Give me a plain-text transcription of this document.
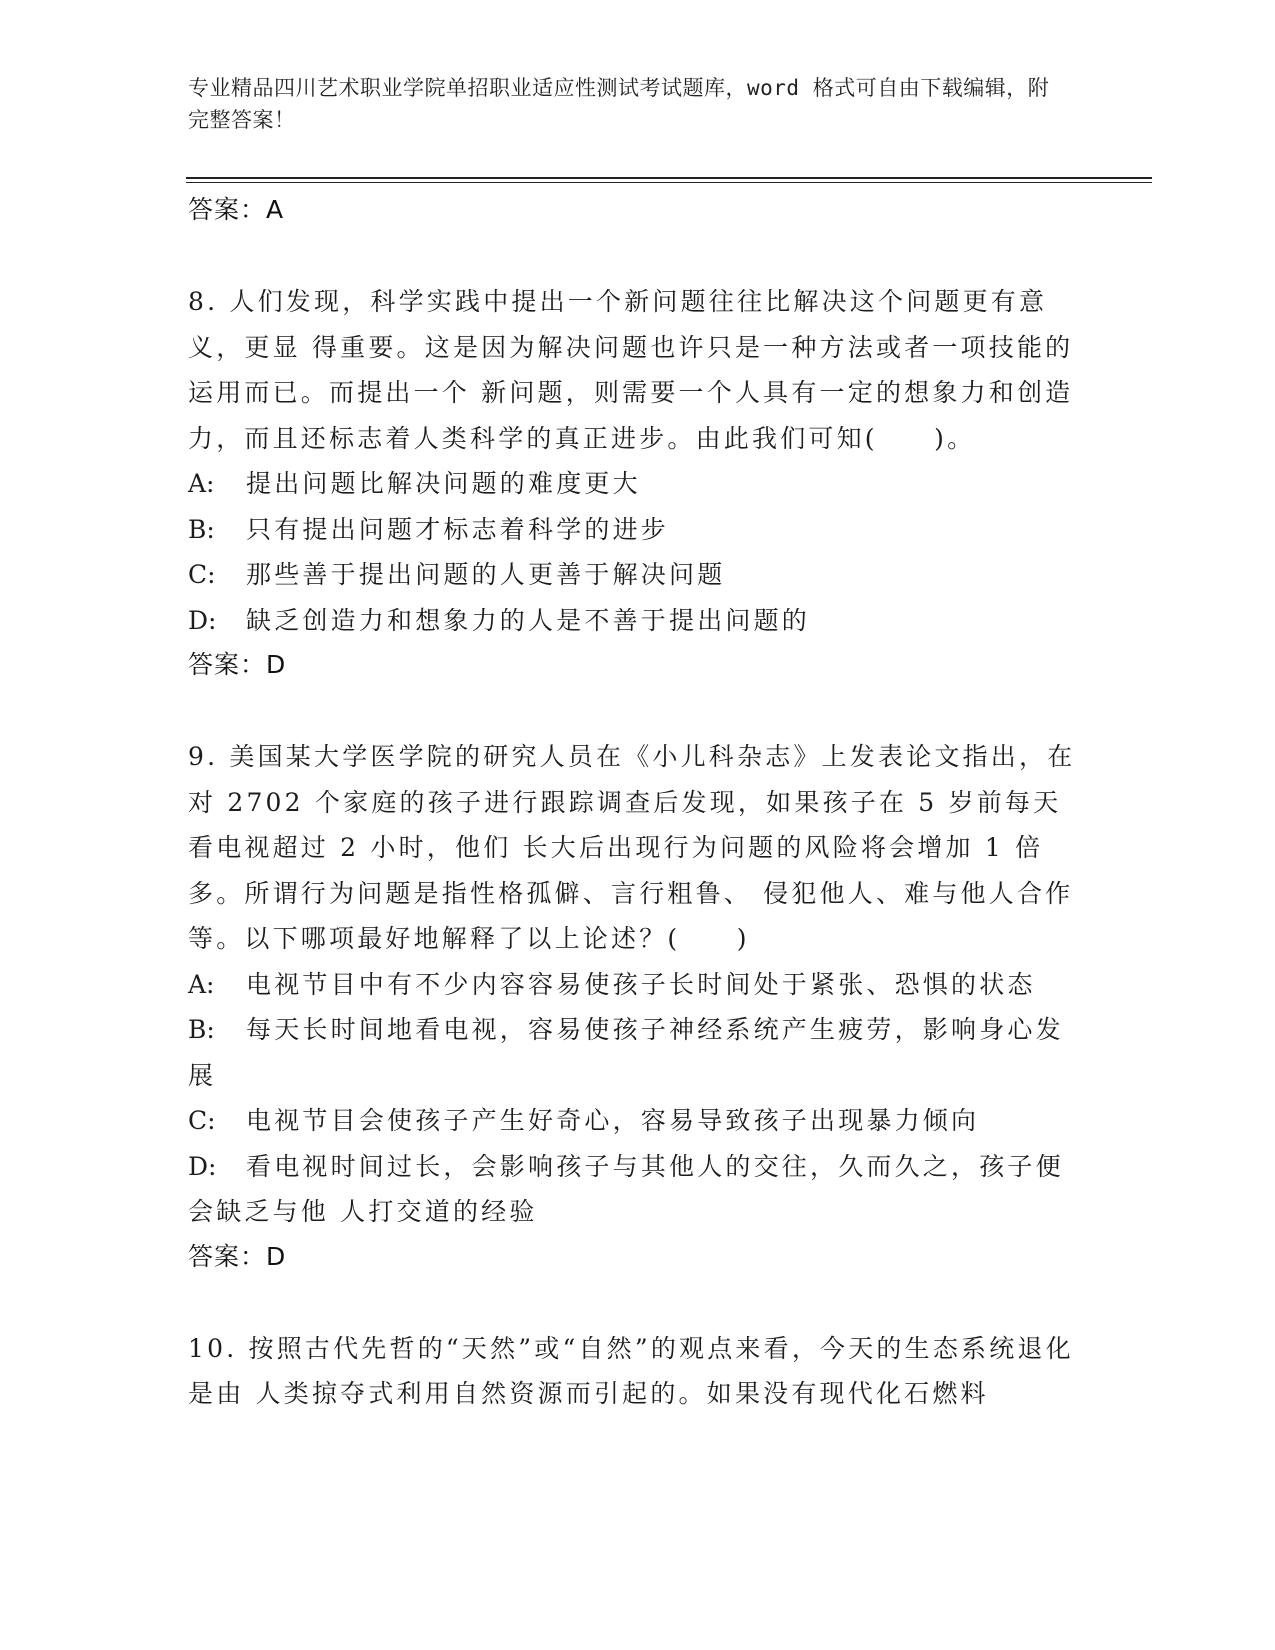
专业精品四川艺术职业学院单招职业适应性测试考试题库，word 格式可自由下载编辑，附完整答案！
答案：A

8. 人们发现，科学实践中提出一个新问题往往比解决这个问题更有意义，更显 得重要。这是因为解决问题也许只是一种方法或者一项技能的运用而已。而提出一个 新问题，则需要一个人具有一定的想象力和创造力，而且还标志着人类科学的真正进步。由此我们可知(　　)。

A: 提出问题比解决问题的难度更大

B: 只有提出问题才标志着科学的进步

C: 那些善于提出问题的人更善于解决问题

D: 缺乏创造力和想象力的人是不善于提出问题的

答案：D

9. 美国某大学医学院的研究人员在《小儿科杂志》上发表论文指出，在对 2702 个家庭的孩子进行跟踪调查后发现，如果孩子在 5 岁前每天看电视超过 2 小时，他们 长大后出现行为问题的风险将会增加 1 倍多。所谓行为问题是指性格孤僻、言行粗鲁、 侵犯他人、难与他人合作等。以下哪项最好地解释了以上论述？(　　)

A: 电视节目中有不少内容容易使孩子长时间处于紧张、恐惧的状态

B: 每天长时间地看电视，容易使孩子神经系统产生疲劳，影响身心发展

C: 电视节目会使孩子产生好奇心，容易导致孩子出现暴力倾向

D: 看电视时间过长，会影响孩子与其他人的交往，久而久之，孩子便会缺乏与他 人打交道的经验

答案：D

10. 按照古代先哲的“天然”或“自然”的观点来看，今天的生态系统退化是由 人类掠夺式利用自然资源而引起的。如果没有现代化石燃料
